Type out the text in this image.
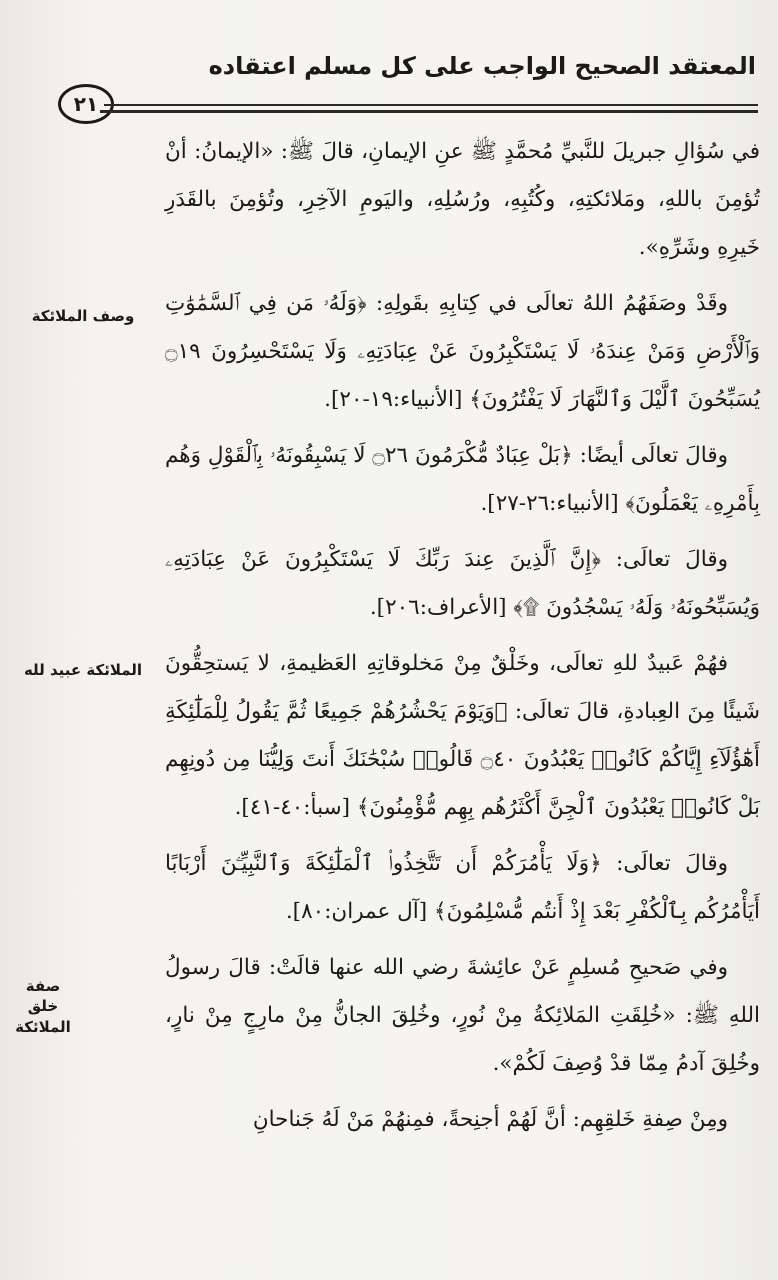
المعتقد الصحيح الواجب على كل مسلم اعتقاده
٢١
وصف الملائكة
الملائكة عبيد لله
صفة خلق الملائكة

في سُؤالِ جبريلَ للنَّبيِّ مُحمَّدٍ ﷺ عنِ الإيمانِ، قالَ ﷺ: «الإيمانُ: أنْ تُؤمِنَ باللهِ، ومَلائكتِهِ، وكُتُبِهِ، ورُسُلِهِ، واليَومِ الآخِرِ، وتُؤمِنَ بالقَدَرِ خَيرِهِ وشَرِّهِ».

وقَدْ وصَفَهُمُ اللهُ تعالَى في كِتابِهِ بقَولِهِ: ﴿وَلَهُۥ مَن فِي ٱلسَّمَٰوَٰتِ وَٱلْأَرْضِ وَمَنْ عِندَهُۥ لَا يَسْتَكْبِرُونَ عَنْ عِبَادَتِهِۦ وَلَا يَسْتَحْسِرُونَ ۝١٩ يُسَبِّحُونَ ٱلَّيْلَ وَٱلنَّهَارَ لَا يَفْتُرُونَ﴾ [الأنبياء:١٩-٢٠].

وقالَ تعالَى أيضًا: ﴿بَلْ عِبَادٌ مُّكْرَمُونَ ۝٢٦ لَا يَسْبِقُونَهُۥ بِٱلْقَوْلِ وَهُم بِأَمْرِهِۦ يَعْمَلُونَ﴾ [الأنبياء:٢٦-٢٧].

وقالَ تعالَى: ﴿إِنَّ ٱلَّذِينَ عِندَ رَبِّكَ لَا يَسْتَكْبِرُونَ عَنْ عِبَادَتِهِۦ وَيُسَبِّحُونَهُۥ وَلَهُۥ يَسْجُدُونَ ۩﴾ [الأعراف:٢٠٦].

فهُمْ عَبيدٌ للهِ تعالَى، وخَلْقٌ مِنْ مَخلوقاتِهِ العَظيمةِ، لا يَستحِقُّونَ شَيئًا مِنَ العِبادةِ، قالَ تعالَى: ﴿وَيَوْمَ يَحْشُرُهُمْ جَمِيعًا ثُمَّ يَقُولُ لِلْمَلَٰٓئِكَةِ أَهَٰٓؤُلَآءِ إِيَّاكُمْ كَانُوا۟ يَعْبُدُونَ ۝٤٠ قَالُوا۟ سُبْحَٰنَكَ أَنتَ وَلِيُّنَا مِن دُونِهِم بَلْ كَانُوا۟ يَعْبُدُونَ ٱلْجِنَّ أَكْثَرُهُم بِهِم مُّؤْمِنُونَ﴾ [سبأ:٤٠-٤١].

وقالَ تعالَى: ﴿وَلَا يَأْمُرَكُمْ أَن تَتَّخِذُوا۟ ٱلْمَلَٰٓئِكَةَ وَٱلنَّبِيِّـۧنَ أَرْبَابًا أَيَأْمُرُكُم بِٱلْكُفْرِ بَعْدَ إِذْ أَنتُم مُّسْلِمُونَ﴾ [آل عمران:٨٠].

وفي صَحيحِ مُسلِمٍ عَنْ عائِشةَ رضي الله عنها قالَتْ: قالَ رسولُ اللهِ ﷺ: «خُلِقَتِ المَلائِكةُ مِنْ نُورٍ، وخُلِقَ الجانُّ مِنْ مارِجٍ مِنْ نارٍ، وخُلِقَ آدمُ مِمّا قدْ وُصِفَ لَكُمْ».

ومِنْ صِفةِ خَلقِهِم: أنَّ لَهُمْ أجنِحةً، فمِنهُمْ مَنْ لَهُ جَناحانِ
